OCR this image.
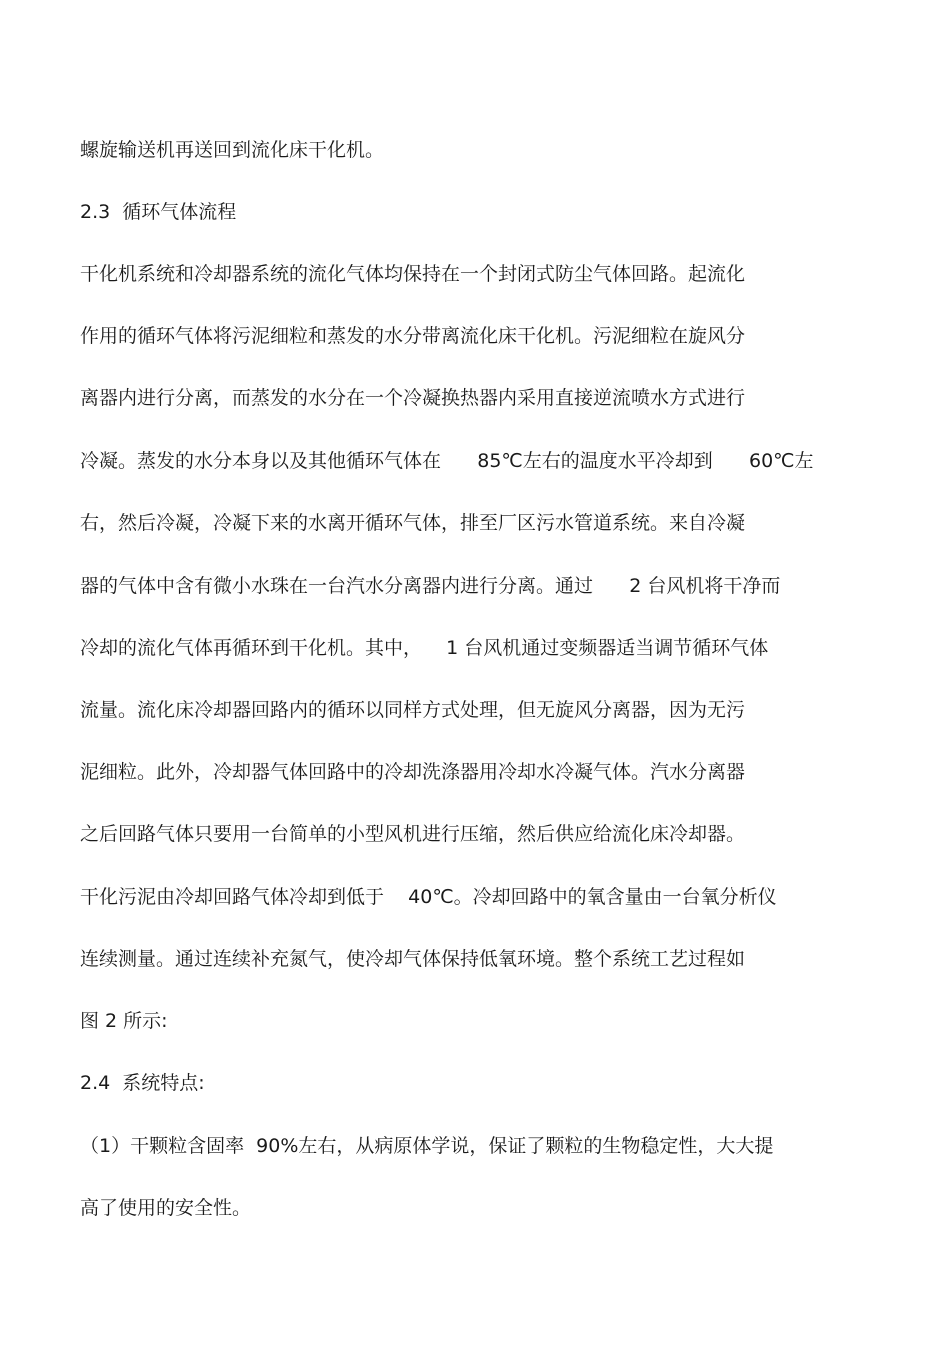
螺旋输送机再送回到流化床干化机。
2.3  循环气体流程
干化机系统和冷却器系统的流化气体均保持在一个封闭式防尘气体回路。起流化
作用的循环气体将污泥细粒和蒸发的水分带离流化床干化机。污泥细粒在旋风分
离器内进行分离，而蒸发的水分在一个冷凝换热器内采用直接逆流喷水方式进行
冷凝。蒸发的水分本身以及其他循环气体在      85℃左右的温度水平冷却到      60℃左
右，然后冷凝，冷凝下来的水离开循环气体，排至厂区污水管道系统。来自冷凝
器的气体中含有微小水珠在一台汽水分离器内进行分离。通过      2 台风机将干净而
冷却的流化气体再循环到干化机。其中，    1 台风机通过变频器适当调节循环气体
流量。流化床冷却器回路内的循环以同样方式处理，但无旋风分离器，因为无污
泥细粒。此外，冷却器气体回路中的冷却洗涤器用冷却水冷凝气体。汽水分离器
之后回路气体只要用一台简单的小型风机进行压缩，然后供应给流化床冷却器。
干化污泥由冷却回路气体冷却到低于    40℃。冷却回路中的氧含量由一台氧分析仪
连续测量。通过连续补充氮气，使冷却气体保持低氧环境。整个系统工艺过程如
图 2 所示:
2.4  系统特点:
（1）干颗粒含固率  90%左右，从病原体学说，保证了颗粒的生物稳定性，大大提
高了使用的安全性。
